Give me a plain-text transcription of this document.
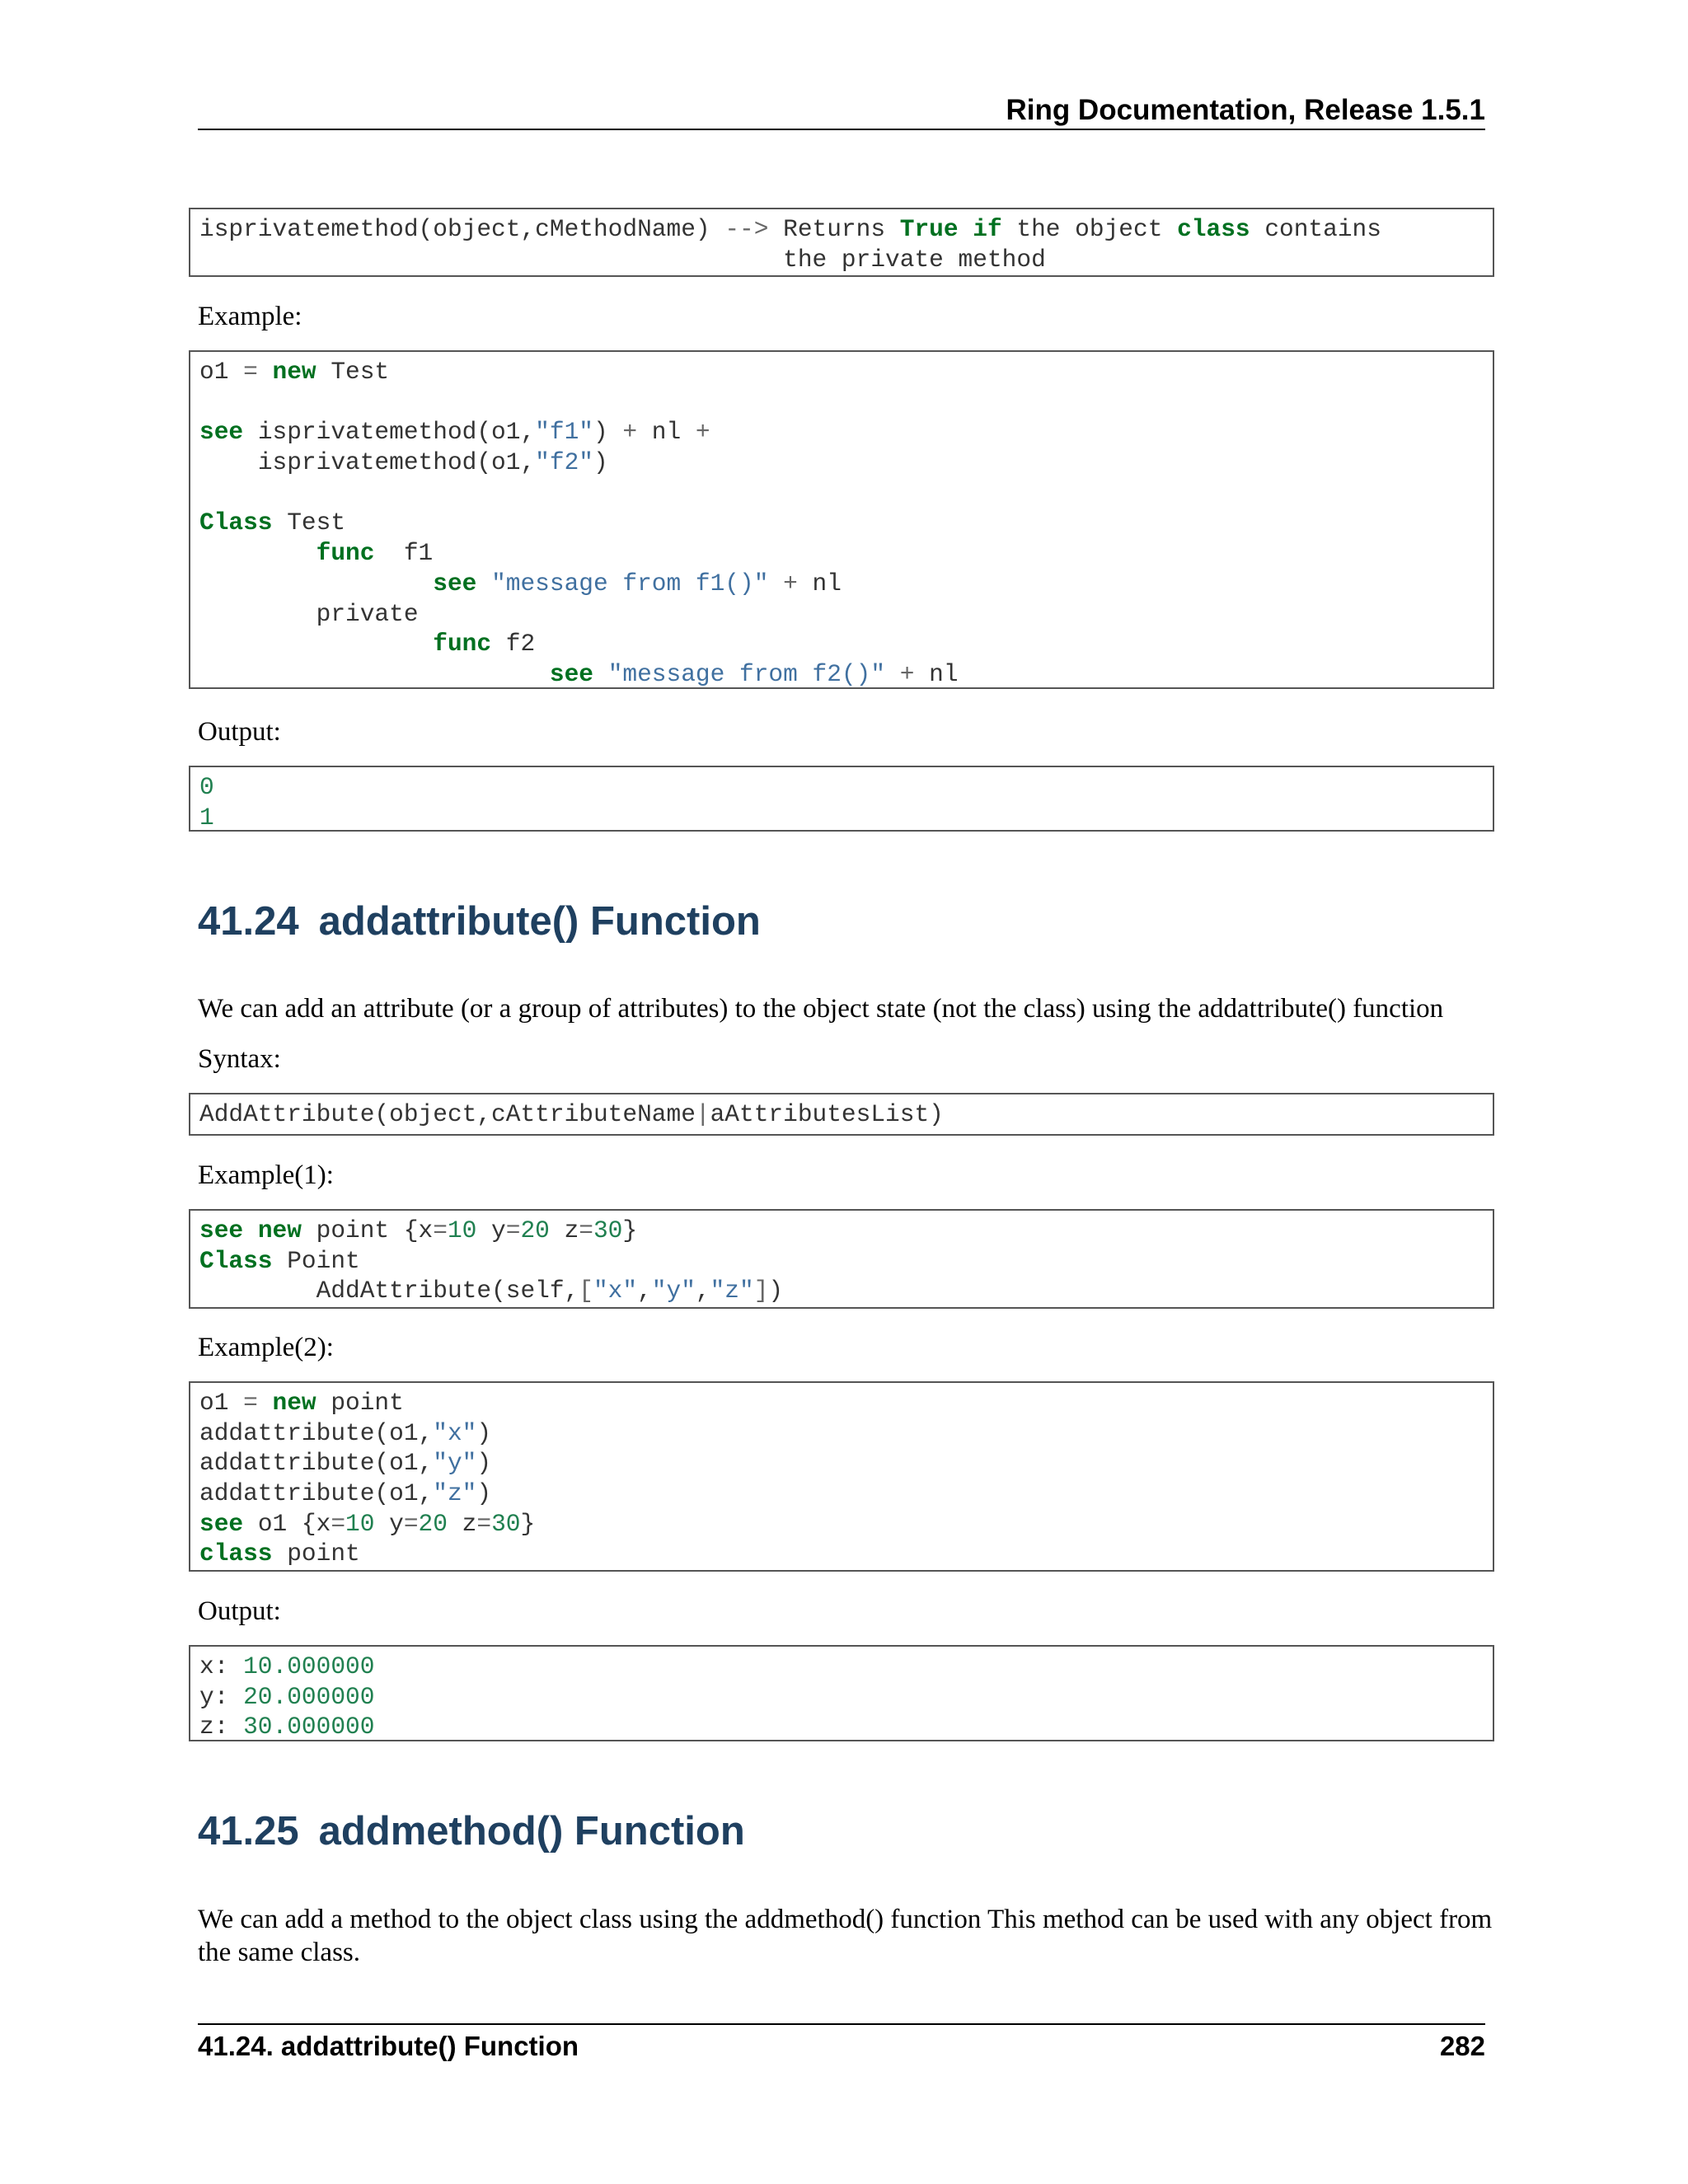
Ring Documentation, Release 1.5.1
isprivatemethod(object,cMethodName) --> Returns True if the object class contains
the private method
Example:
o1 = new Test

see isprivatemethod(o1,"f1") + nl +
isprivatemethod(o1,"f2")

Class Test
func f1
see "message from f1()" + nl
private
func f2
see "message from f2()" + nl
Output:
0
1
41.24 addattribute() Function
We can add an attribute (or a group of attributes) to the object state (not the class) using the addattribute() function
Syntax:
AddAttribute(object,cAttributeName|aAttributesList)
Example(1):
see new point {x=10 y=20 z=30}
Class Point
AddAttribute(self,["x","y","z"])
Example(2):
o1 = new point
addattribute(o1,"x")
addattribute(o1,"y")
addattribute(o1,"z")
see o1 {x=10 y=20 z=30}
class point
Output:
x: 10.000000
y: 20.000000
z: 30.000000
41.25 addmethod() Function
We can add a method to the object class using the addmethod() function This method can be used with any object from
the same class.
41.24. addattribute() Function	282
